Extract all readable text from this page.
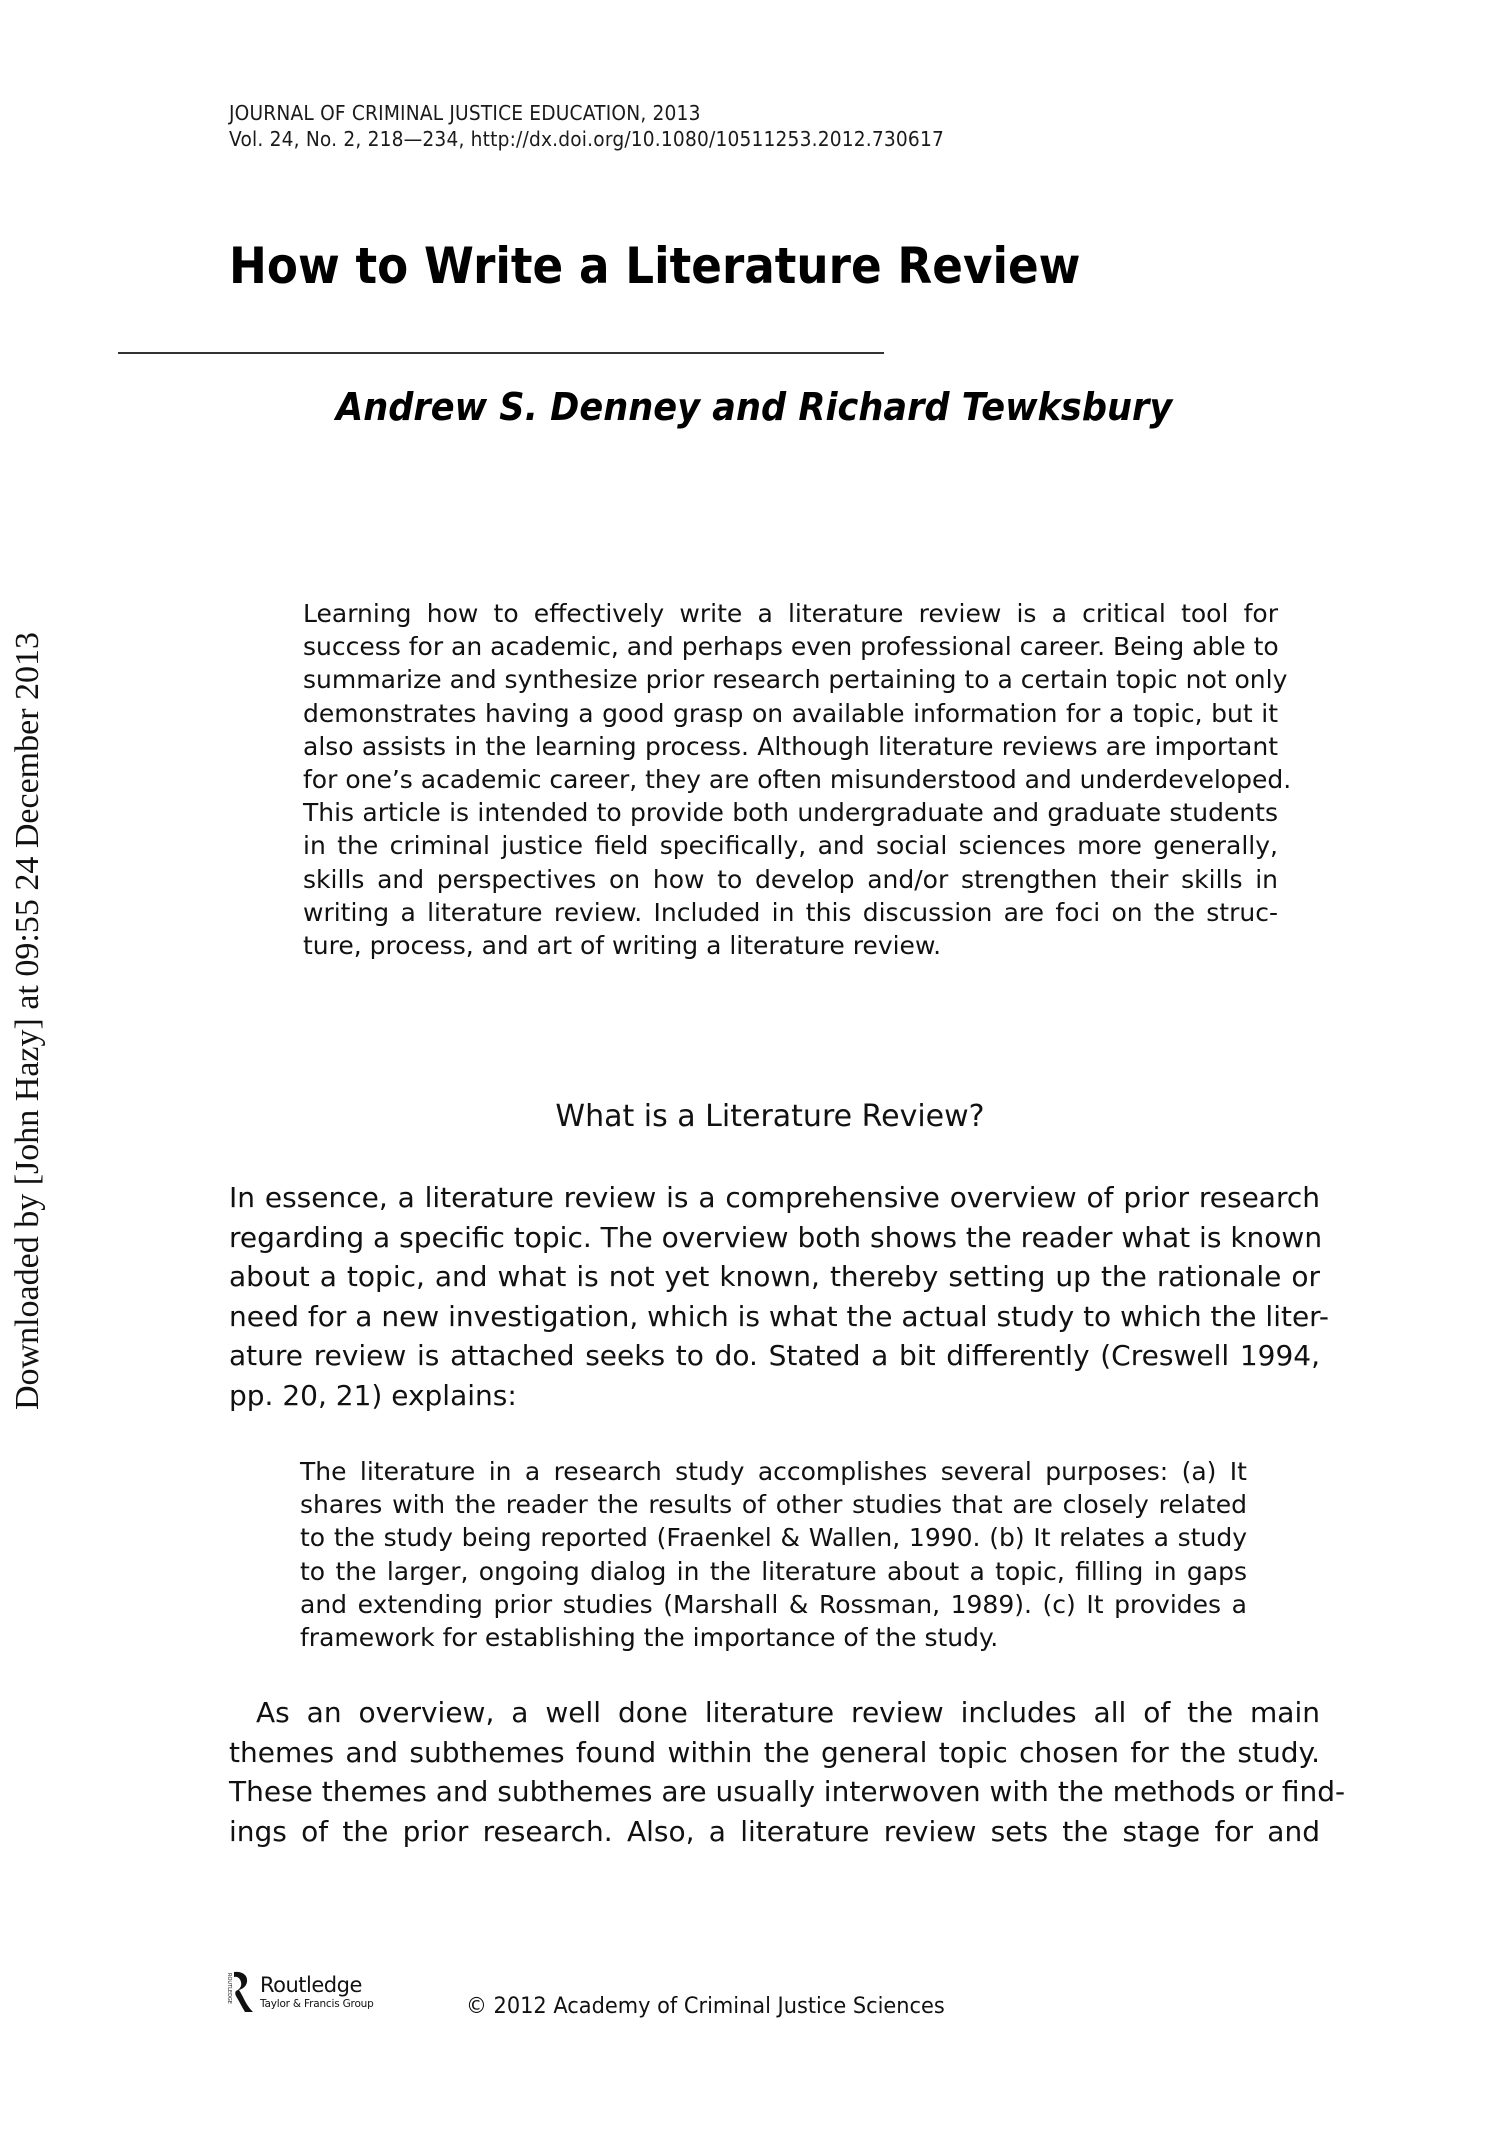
Downloaded by [John Hazy] at 09:55 24 December 2013
JOURNAL OF CRIMINAL JUSTICE EDUCATION, 2013
Vol. 24, No. 2, 218—234, http://dx.doi.org/10.1080/10511253.2012.730617
How to Write a Literature Review
Andrew S. Denney and Richard Tewksbury
Learning how to effectively write a literature review is a critical tool for
success for an academic, and perhaps even professional career. Being able to
summarize and synthesize prior research pertaining to a certain topic not only
demonstrates having a good grasp on available information for a topic, but it
also assists in the learning process. Although literature reviews are important
for one’s academic career, they are often misunderstood and underdeveloped.
This article is intended to provide both undergraduate and graduate students
in the criminal justice field specifically, and social sciences more generally,
skills and perspectives on how to develop and/or strengthen their skills in
writing a literature review. Included in this discussion are foci on the struc-
ture, process, and art of writing a literature review.
What is a Literature Review?
In essence, a literature review is a comprehensive overview of prior research
regarding a specific topic. The overview both shows the reader what is known
about a topic, and what is not yet known, thereby setting up the rationale or
need for a new investigation, which is what the actual study to which the liter-
ature review is attached seeks to do. Stated a bit differently (Creswell 1994,
pp. 20, 21) explains:
The literature in a research study accomplishes several purposes: (a) It
shares with the reader the results of other studies that are closely related
to the study being reported (Fraenkel & Wallen, 1990. (b) It relates a study
to the larger, ongoing dialog in the literature about a topic, filling in gaps
and extending prior studies (Marshall & Rossman, 1989). (c) It provides a
framework for establishing the importance of the study.
As an overview, a well done literature review includes all of the main
themes and subthemes found within the general topic chosen for the study.
These themes and subthemes are usually interwoven with the methods or find-
ings of the prior research. Also, a literature review sets the stage for and
ROUTLEDGE Routledge
Taylor & Francis Group	© 2012 Academy of Criminal Justice Sciences
